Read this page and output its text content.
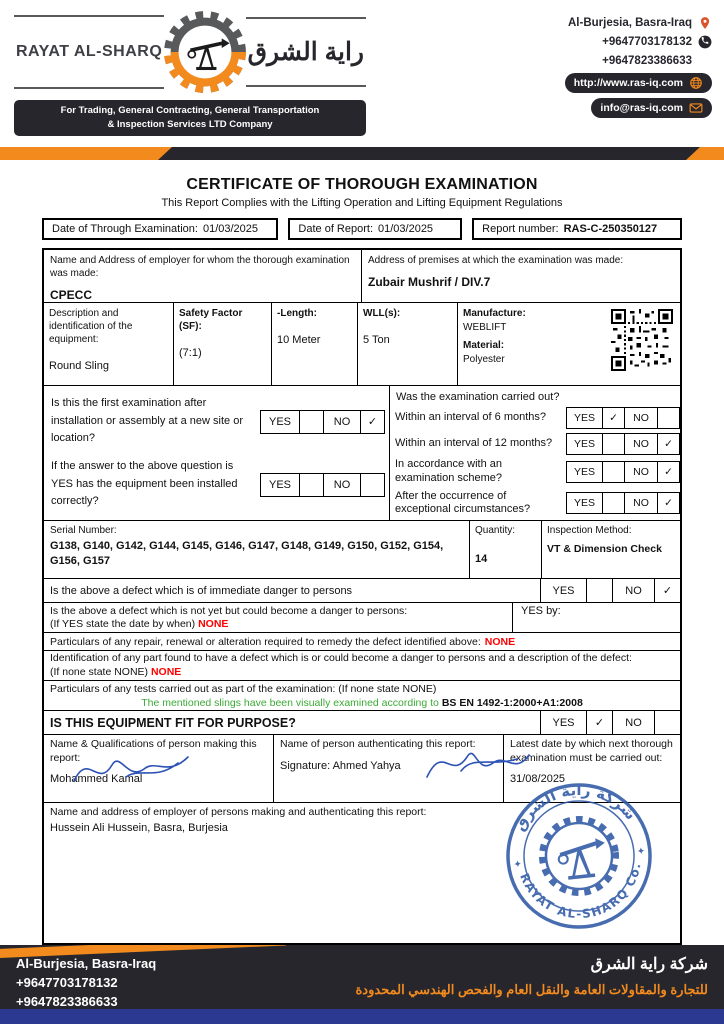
RAYAT AL-SHARQ	راية الشرق
For Trading, General Contracting, General Transportation
& Inspection Services LTD Company
Al-Burjesia, Basra-Iraq
+9647703178132
+9647823386633
http://www.ras-iq.com
info@ras-iq.com
CERTIFICATE OF THOROUGH EXAMINATION
This Report Complies with the Lifting Operation and Lifting Equipment Regulations
Date of Through Examination: 01/03/2025	Date of Report: 01/03/2025	Report number: RAS-C-250350127
Name and Address of employer for whom the thorough examination was made:
CPECC
Address of premises at which the examination was made:
Zubair Mushrif / DIV.7
Description and identification of the equipment:
Round Sling
Safety Factor (SF):
(7:1)
-Length:
10 Meter
WLL(s):
5 Ton
Manufacture:
WEBLIFT
Material:
Polyester
Is this the first examination after installation or assembly at a new site or location?
YES	NO	✓
If the answer to the above question is YES has the equipment been installed correctly?
YES	NO
Was the examination carried out?
Within an interval of 6 months?	YES	✓	NO
Within an interval of 12 months?	YES	NO	✓
In accordance with an examination scheme?	YES	NO	✓
After the occurrence of exceptional circumstances?	YES	NO	✓
Serial Number:
G138, G140, G142, G144, G145, G146, G147, G148, G149, G150, G152, G154, G156, G157
Quantity:
14
Inspection Method:
VT & Dimension Check
Is the above a defect which is of immediate danger to persons	YES	NO	✓
Is the above a defect which is not yet but could become a danger to persons:
(If YES state the date by when) NONE
YES by:
Particulars of any repair, renewal or alteration required to remedy the defect identified above: NONE
Identification of any part found to have a defect which is or could become a danger to persons and a description of the defect:
(If none state NONE) NONE
Particulars of any tests carried out as part of the examination: (If none state NONE)
The mentioned slings have been visually examined according to BS EN 1492-1:2000+A1:2008
IS THIS EQUIPMENT FIT FOR PURPOSE?	YES	✓	NO
Name & Qualifications of person making this report:
Mohammed Kamal
Name of person authenticating this report:
Signature: Ahmed Yahya
Latest date by which next thorough examination must be carried out:
31/08/2025
Name and address of employer of persons making and authenticating this report:
Hussein Ali Hussein, Basra, Burjesia	شركة راية الشرق
RAYAT AL-SHARQ Co.
✦
✦
Al-Burjesia, Basra-Iraq
+9647703178132
+9647823386633
شركة راية الشرق
للتجارة والمقاولات العامة والنقل العام والفحص الهندسي المحدودة
